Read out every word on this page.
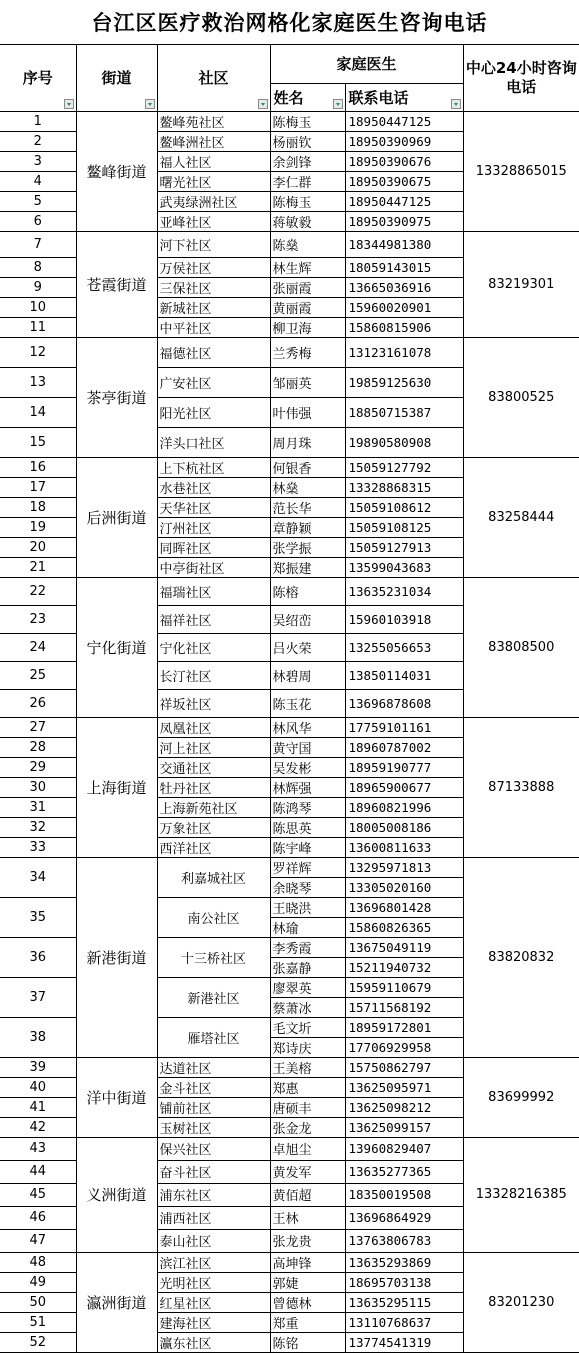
台江区医疗救治网格化家庭医生咨询电话
序号	街道	社区	家庭医生		中心24小时咨询电话
			姓名	联系电话	

1	鳌峰街道	鳌峰苑社区	陈梅玉	18950447125	13328865015
2		鳌峰洲社区	杨丽钦	18950390969	
3		福人社区	余剑锋	18950390676	
4		曙光社区	李仁群	18950390675	
5		武夷绿洲社区	陈梅玉	18950447125	
6		亚峰社区	蒋敏毅	18950390975	
7	苍霞街道	河下社区	陈燊	18344981380	83219301
8		万侯社区	林生辉	18059143015	
9		三保社区	张丽霞	13665036916	
10		新城社区	黄丽霞	15960020901	
11		中平社区	柳卫海	15860815906	
12	茶亭街道	福德社区	兰秀梅	13123161078	83800525
13		广安社区	邹丽英	19859125630	
14		阳光社区	叶伟强	18850715387	
15		洋头口社区	周月珠	19890580908	
16	后洲街道	上下杭社区	何银香	15059127792	83258444
17		水巷社区	林燊	13328868315	
18		天华社区	范长华	15059108612	
19		汀州社区	章静颖	15059108125	
20		同晖社区	张学振	15059127913	
21		中亭街社区	郑振建	13599043683	
22	宁化街道	福瑞社区	陈榕	13635231034	83808500
23		福祥社区	吴绍峦	15960103918	
24		宁化社区	吕火荣	13255056653	
25		长汀社区	林碧周	13850114031	
26		祥坂社区	陈玉花	13696878608	
27	上海街道	凤凰社区	林风华	17759101161	87133888
28		河上社区	黄守国	18960787002	
29		交通社区	吴发彬	18959190777	
30		牡丹社区	林辉强	18965900677	
31		上海新苑社区	陈鸿琴	18960821996	
32		万象社区	陈思英	18005008186	
33		西洋社区	陈宇峰	13600811633	
34	新港街道	利嘉城社区	罗祥辉	13295971813	83820832
			余晓琴	13305020160	
35		南公社区	王晓洪	13696801428	
			林瑜	15860826365	
36		十三桥社区	李秀霞	13675049119	
			张嘉静	15211940732	
37		新港社区	廖翠英	15959110679	
			蔡萧冰	15711568192	
38		雁塔社区	毛文圻	18959172801	
			郑诗庆	17706929958	
39	洋中街道	达道社区	王美榕	15750862797	83699992
40		金斗社区	郑惠	13625095971	
41		铺前社区	唐硕丰	13625098212	
42		玉树社区	张金龙	13625099157	
43	义洲街道	保兴社区	卓旭尘	13960829407	13328216385
44		奋斗社区	黄发军	13635277365	
45		浦东社区	黄佰超	18350019508	
46		浦西社区	王林	13696864929	
47		泰山社区	张龙贵	13763806783	
48	瀛洲街道	滨江社区	高坤锋	13635293869	83201230
49		光明社区	郭婕	18695703138	
50		红星社区	曾德林	13635295115	
51		建海社区	郑重	13110768637	
52		瀛东社区	陈铭	13774541319	
